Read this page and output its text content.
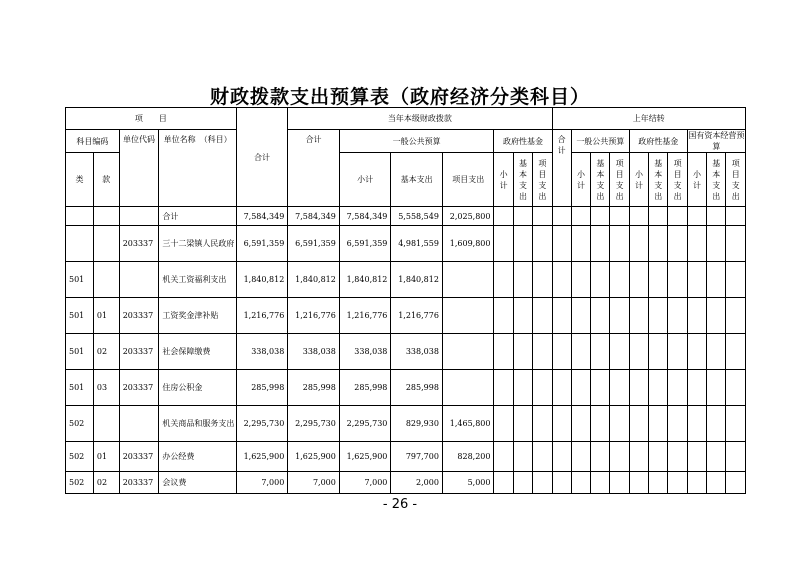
财政拨款支出预算表（政府经济分类科目）
项　　目				合计	当年本级财政拨款							上年结转									
科目编码		单位代码	单位名称　（科目）		合计	一般公共预算			政府性基金			合计	一般公共预算			政府性基金			国有资本经营预算		
类	款					小计	基本支出	项目支出	小计	基本支出	项目支出		小计	基本支出	项目支出	小计	基本支出	项目支出	小计	基本支出	项目支出

			合计	7,584,349	7,584,349	7,584,349	5,558,549	2,025,800													
		203337	三十二梁镇人民政府	6,591,359	6,591,359	6,591,359	4,981,559	1,609,800													
501			机关工资福利支出	1,840,812	1,840,812	1,840,812	1,840,812														
501	01	203337	工资奖金津补贴	1,216,776	1,216,776	1,216,776	1,216,776														
501	02	203337	社会保障缴费	338,038	338,038	338,038	338,038														
501	03	203337	住房公积金	285,998	285,998	285,998	285,998														
502			机关商品和服务支出	2,295,730	2,295,730	2,295,730	829,930	1,465,800													
502	01	203337	办公经费	1,625,900	1,625,900	1,625,900	797,700	828,200													
502	02	203337	会议费	7,000	7,000	7,000	2,000	5,000													
- 26 -
